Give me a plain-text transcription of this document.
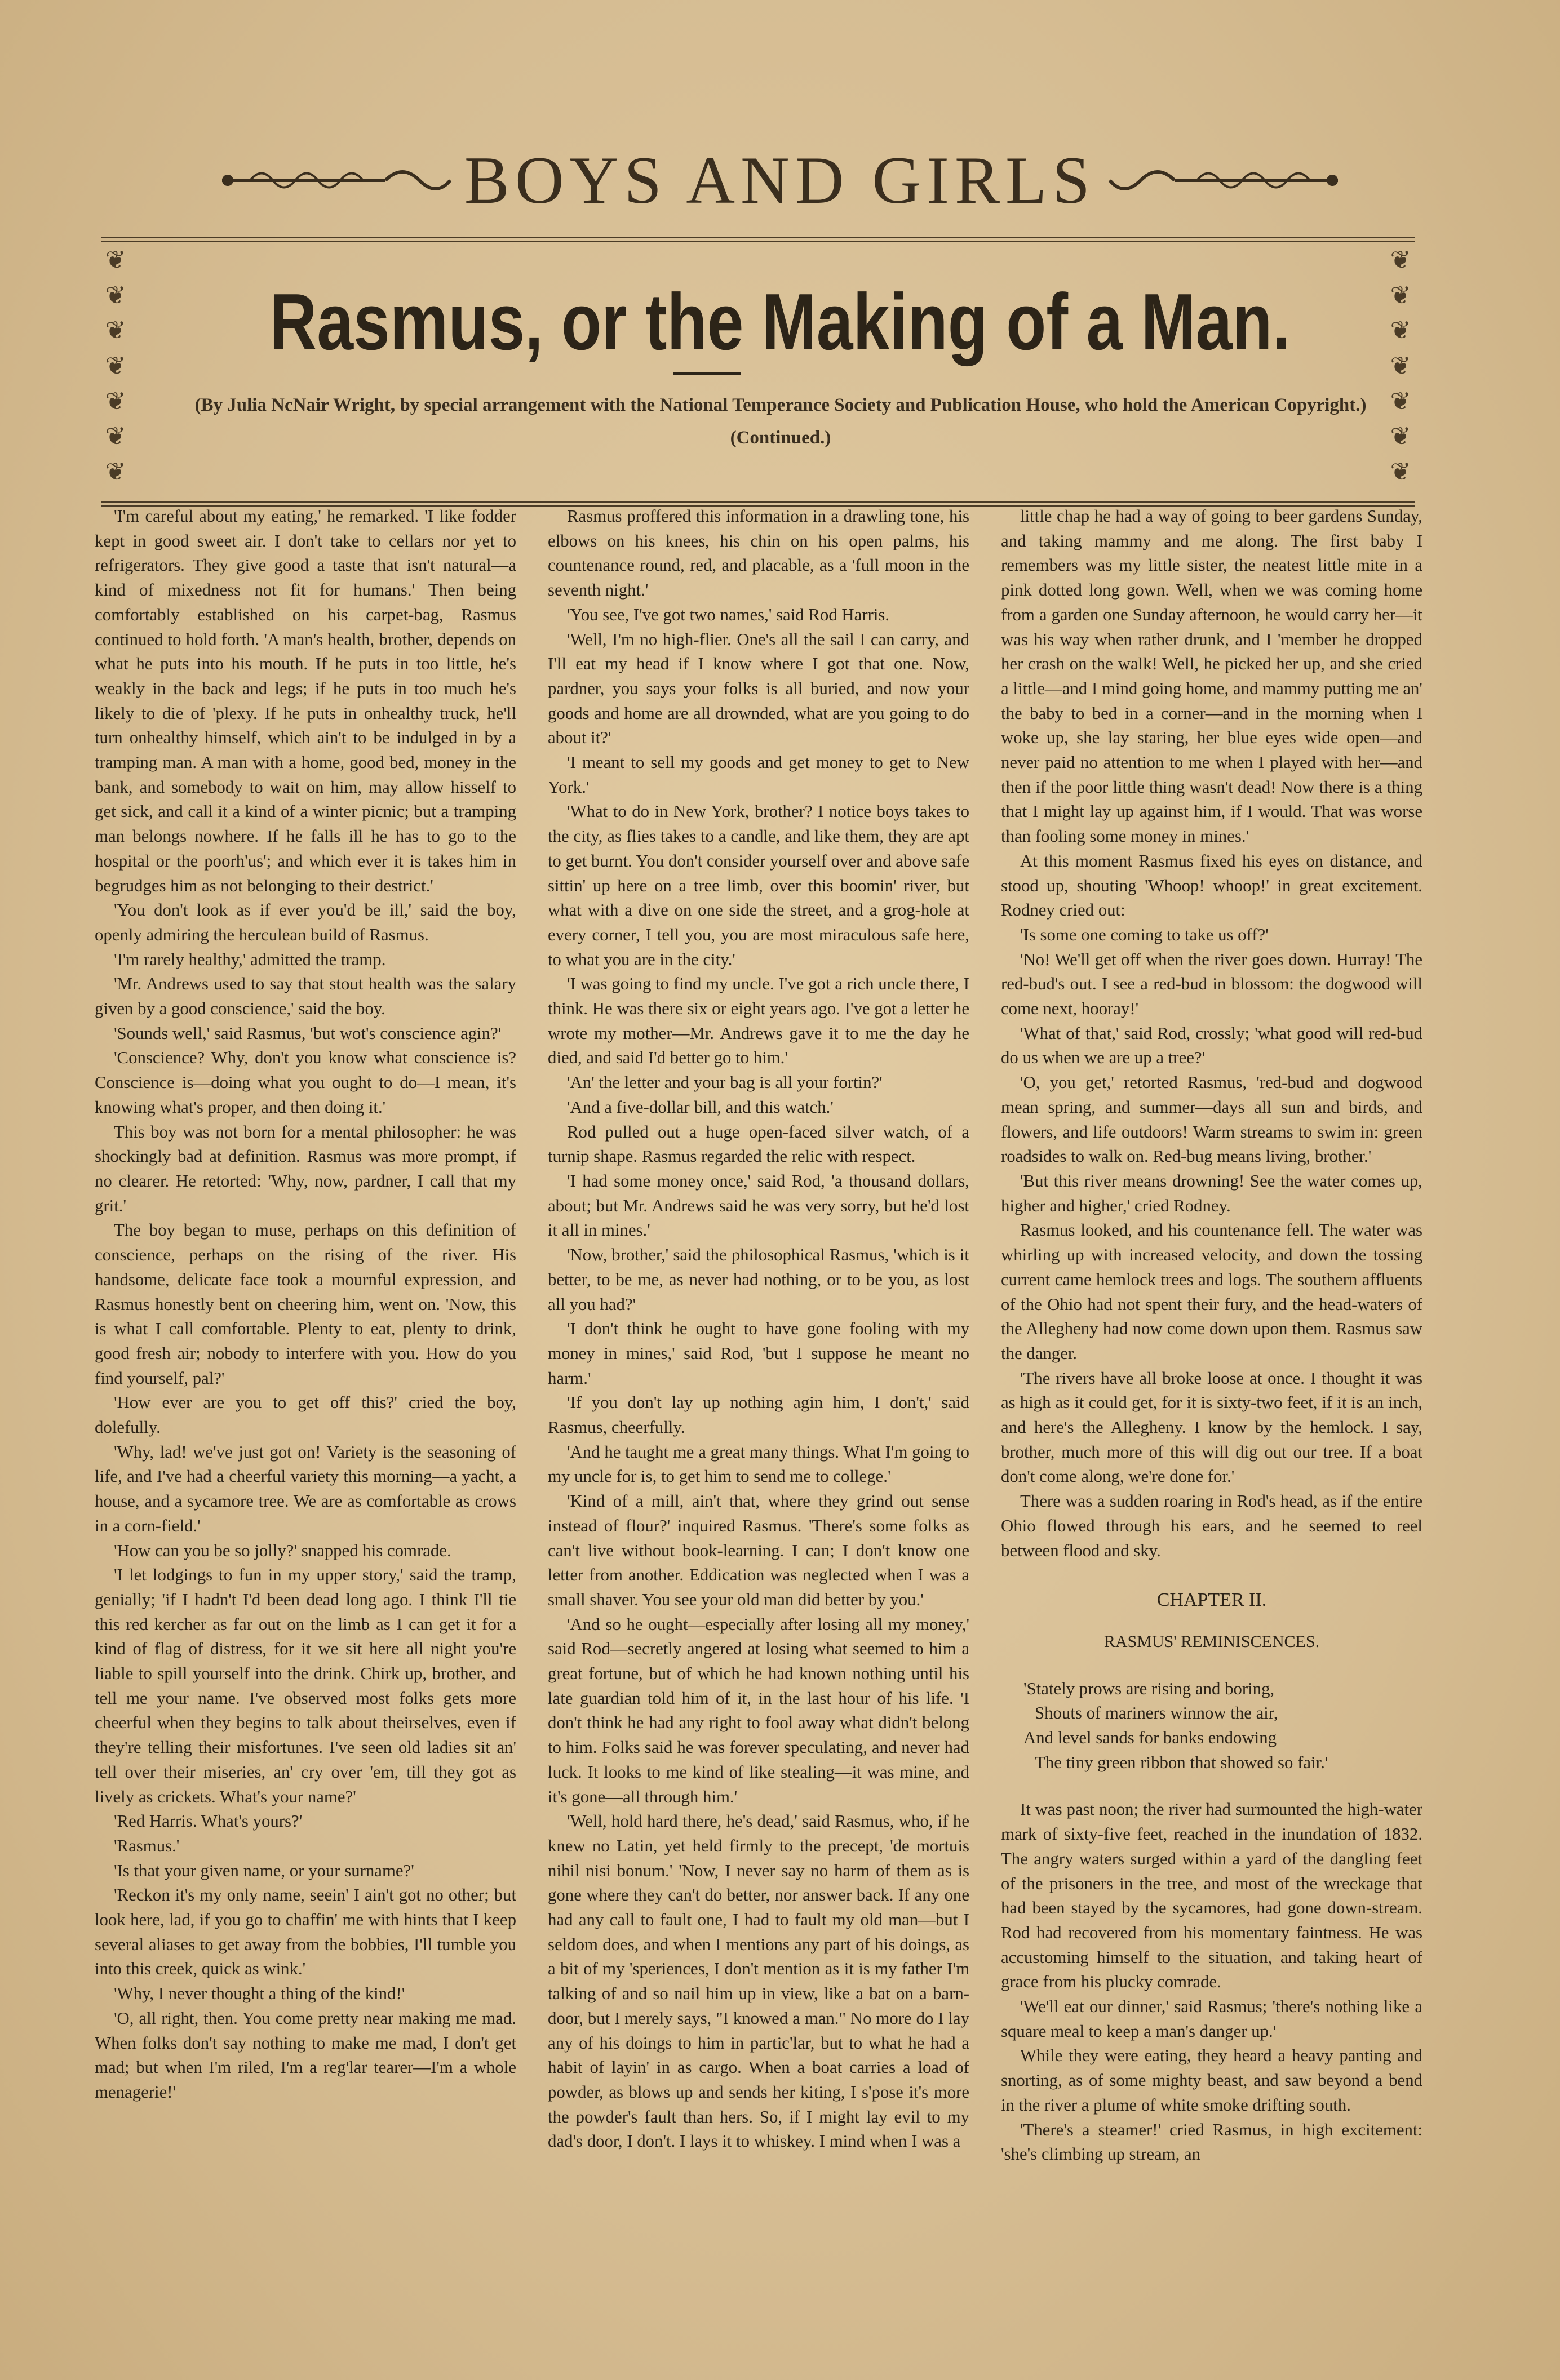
BOYS AND GIRLS
❦
❦
❦
❦
❦
❦
❦
❦
❦
❦
❦
❦
❦
❦
Rasmus, or the Making of a Man.
(By Julia NcNair Wright, by special arrangement with the National Temperance Society and Publication House, who hold the American Copyright.)
(Continued.)

'I'm careful about my eating,' he remarked. 'I like fodder kept in good sweet air. I don't take to cellars nor yet to refrigerators. They give good a taste that isn't natural—a kind of mixedness not fit for humans.' Then being comfortably established on his carpet-bag, Rasmus continued to hold forth. 'A man's health, brother, depends on what he puts into his mouth. If he puts in too little, he's weakly in the back and legs; if he puts in too much he's likely to die of 'plexy. If he puts in onhealthy truck, he'll turn onhealthy himself, which ain't to be indulged in by a tramping man. A man with a home, good bed, money in the bank, and somebody to wait on him, may allow hisself to get sick, and call it a kind of a winter picnic; but a tramping man belongs nowhere. If he falls ill he has to go to the hospital or the poorh'us'; and which ever it is takes him in begrudges him as not belonging to their destrict.'

'You don't look as if ever you'd be ill,' said the boy, openly admiring the herculean build of Rasmus.

'I'm rarely healthy,' admitted the tramp.

'Mr. Andrews used to say that stout health was the salary given by a good conscience,' said the boy.

'Sounds well,' said Rasmus, 'but wot's conscience agin?'

'Conscience? Why, don't you know what conscience is? Conscience is—doing what you ought to do—I mean, it's knowing what's proper, and then doing it.'

This boy was not born for a mental philosopher: he was shockingly bad at definition. Rasmus was more prompt, if no clearer. He retorted: 'Why, now, pardner, I call that my grit.'

The boy began to muse, perhaps on this definition of conscience, perhaps on the rising of the river. His handsome, delicate face took a mournful expression, and Rasmus honestly bent on cheering him, went on. 'Now, this is what I call comfortable. Plenty to eat, plenty to drink, good fresh air; nobody to interfere with you. How do you find yourself, pal?'

'How ever are you to get off this?' cried the boy, dolefully.

'Why, lad! we've just got on! Variety is the seasoning of life, and I've had a cheerful variety this morning—a yacht, a house, and a sycamore tree. We are as comfortable as crows in a corn-field.'

'How can you be so jolly?' snapped his comrade.

'I let lodgings to fun in my upper story,' said the tramp, genially; 'if I hadn't I'd been dead long ago. I think I'll tie this red kercher as far out on the limb as I can get it for a kind of flag of distress, for it we sit here all night you're liable to spill yourself into the drink. Chirk up, brother, and tell me your name. I've observed most folks gets more cheerful when they begins to talk about theirselves, even if they're telling their misfortunes. I've seen old ladies sit an' tell over their miseries, an' cry over 'em, till they got as lively as crickets. What's your name?'

'Red Harris. What's yours?'

'Rasmus.'

'Is that your given name, or your surname?'

'Reckon it's my only name, seein' I ain't got no other; but look here, lad, if you go to chaffin' me with hints that I keep several aliases to get away from the bobbies, I'll tumble you into this creek, quick as wink.'

'Why, I never thought a thing of the kind!'

'O, all right, then. You come pretty near making me mad. When folks don't say nothing to make me mad, I don't get mad; but when I'm riled, I'm a reg'lar tearer—I'm a whole menagerie!'

Rasmus proffered this information in a drawling tone, his elbows on his knees, his chin on his open palms, his countenance round, red, and placable, as a 'full moon in the seventh night.'

'You see, I've got two names,' said Rod Harris.

'Well, I'm no high-flier. One's all the sail I can carry, and I'll eat my head if I know where I got that one. Now, pardner, you says your folks is all buried, and now your goods and home are all drownded, what are you going to do about it?'

'I meant to sell my goods and get money to get to New York.'

'What to do in New York, brother? I notice boys takes to the city, as flies takes to a candle, and like them, they are apt to get burnt. You don't consider yourself over and above safe sittin' up here on a tree limb, over this boomin' river, but what with a dive on one side the street, and a grog-hole at every corner, I tell you, you are most miraculous safe here, to what you are in the city.'

'I was going to find my uncle. I've got a rich uncle there, I think. He was there six or eight years ago. I've got a letter he wrote my mother—Mr. Andrews gave it to me the day he died, and said I'd better go to him.'

'An' the letter and your bag is all your fortin?'

'And a five-dollar bill, and this watch.'

Rod pulled out a huge open-faced silver watch, of a turnip shape. Rasmus regarded the relic with respect.

'I had some money once,' said Rod, 'a thousand dollars, about; but Mr. Andrews said he was very sorry, but he'd lost it all in mines.'

'Now, brother,' said the philosophical Rasmus, 'which is it better, to be me, as never had nothing, or to be you, as lost all you had?'

'I don't think he ought to have gone fooling with my money in mines,' said Rod, 'but I suppose he meant no harm.'

'If you don't lay up nothing agin him, I don't,' said Rasmus, cheerfully.

'And he taught me a great many things. What I'm going to my uncle for is, to get him to send me to college.'

'Kind of a mill, ain't that, where they grind out sense instead of flour?' inquired Rasmus. 'There's some folks as can't live without book-learning. I can; I don't know one letter from another. Eddication was neglected when I was a small shaver. You see your old man did better by you.'

'And so he ought—especially after losing all my money,' said Rod—secretly angered at losing what seemed to him a great fortune, but of which he had known nothing until his late guardian told him of it, in the last hour of his life. 'I don't think he had any right to fool away what didn't belong to him. Folks said he was forever speculating, and never had luck. It looks to me kind of like stealing—it was mine, and it's gone—all through him.'

'Well, hold hard there, he's dead,' said Rasmus, who, if he knew no Latin, yet held firmly to the precept, 'de mortuis nihil nisi bonum.' 'Now, I never say no harm of them as is gone where they can't do better, nor answer back. If any one had any call to fault one, I had to fault my old man—but I seldom does, and when I mentions any part of his doings, as a bit of my 'speriences, I don't mention as it is my father I'm talking of and so nail him up in view, like a bat on a barn-door, but I merely says, "I knowed a man." No more do I lay any of his doings to him in partic'lar, but to what he had a habit of layin' in as cargo. When a boat carries a load of powder, as blows up and sends her kiting, I s'pose it's more the powder's fault than hers. So, if I might lay evil to my dad's door, I don't. I lays it to whiskey. I mind when I was a

little chap he had a way of going to beer gardens Sunday, and taking mammy and me along. The first baby I remembers was my little sister, the neatest little mite in a pink dotted long gown. Well, when we was coming home from a garden one Sunday afternoon, he would carry her—it was his way when rather drunk, and I 'member he dropped her crash on the walk! Well, he picked her up, and she cried a little—and I mind going home, and mammy putting me an' the baby to bed in a corner—and in the morning when I woke up, she lay staring, her blue eyes wide open—and never paid no attention to me when I played with her—and then if the poor little thing wasn't dead! Now there is a thing that I might lay up against him, if I would. That was worse than fooling some money in mines.'

At this moment Rasmus fixed his eyes on distance, and stood up, shouting 'Whoop! whoop!' in great excitement. Rodney cried out:

'Is some one coming to take us off?'

'No! We'll get off when the river goes down. Hurray! The red-bud's out. I see a red-bud in blossom: the dogwood will come next, hooray!'

'What of that,' said Rod, crossly; 'what good will red-bud do us when we are up a tree?'

'O, you get,' retorted Rasmus, 'red-bud and dogwood mean spring, and summer—days all sun and birds, and flowers, and life outdoors! Warm streams to swim in: green roadsides to walk on. Red-bug means living, brother.'

'But this river means drowning! See the water comes up, higher and higher,' cried Rodney.

Rasmus looked, and his countenance fell. The water was whirling up with increased velocity, and down the tossing current came hemlock trees and logs. The southern affluents of the Ohio had not spent their fury, and the head-waters of the Allegheny had now come down upon them. Rasmus saw the danger.

'The rivers have all broke loose at once. I thought it was as high as it could get, for it is sixty-two feet, if it is an inch, and here's the Allegheny. I know by the hemlock. I say, brother, much more of this will dig out our tree. If a boat don't come along, we're done for.'

There was a sudden roaring in Rod's head, as if the entire Ohio flowed through his ears, and he seemed to reel between flood and sky.

CHAPTER II.
RASMUS' REMINISCENCES.
'Stately prows are rising and boring,
Shouts of mariners winnow the air,
And level sands for banks endowing
The tiny green ribbon that showed so fair.'

It was past noon; the river had surmounted the high-water mark of sixty-five feet, reached in the inundation of 1832. The angry waters surged within a yard of the dangling feet of the prisoners in the tree, and most of the wreckage that had been stayed by the sycamores, had gone down-stream. Rod had recovered from his momentary faintness. He was accustoming himself to the situation, and taking heart of grace from his plucky comrade.

'We'll eat our dinner,' said Rasmus; 'there's nothing like a square meal to keep a man's danger up.'

While they were eating, they heard a heavy panting and snorting, as of some mighty beast, and saw beyond a bend in the river a plume of white smoke drifting south.

'There's a steamer!' cried Rasmus, in high excitement: 'she's climbing up stream, an
